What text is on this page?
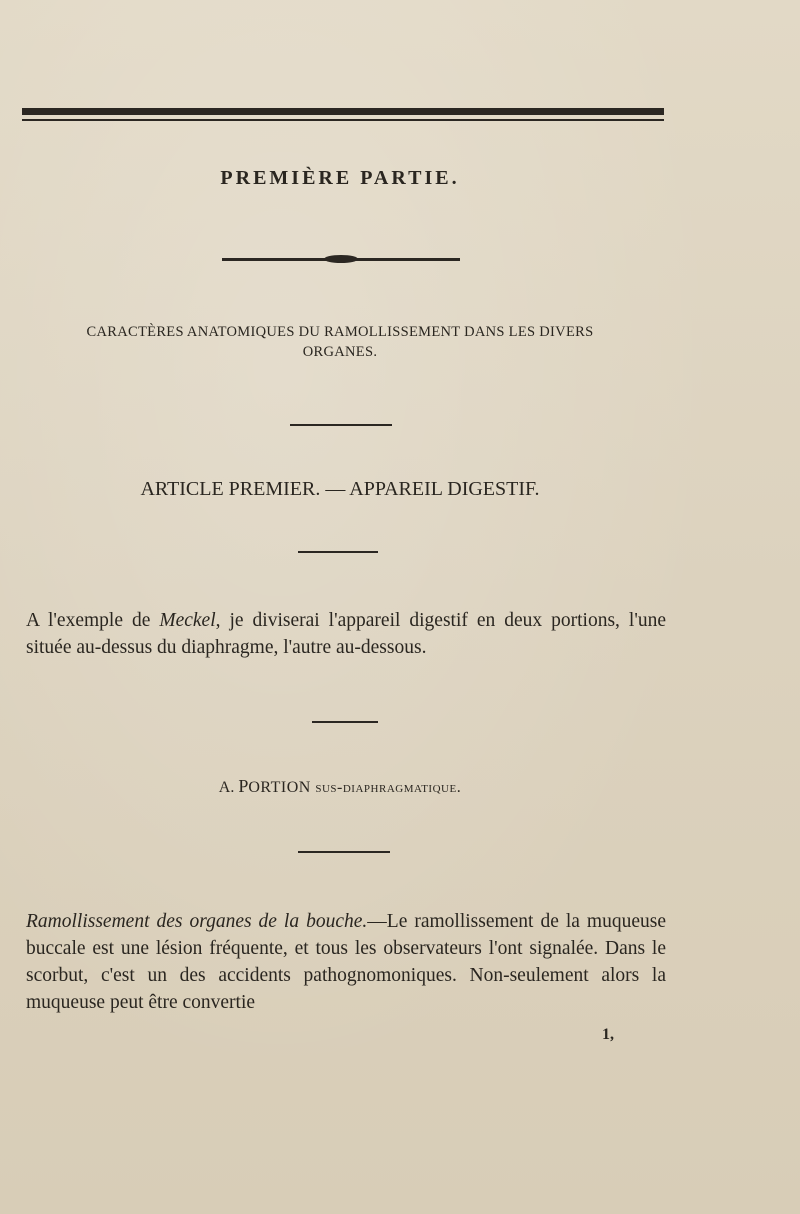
PREMIÈRE PARTIE.
CARACTÈRES ANATOMIQUES DU RAMOLLISSEMENT DANS LES DIVERS
ORGANES.
ARTICLE PREMIER. — APPAREIL DIGESTIF.
A l'exemple de Meckel, je diviserai l'appareil digestif en deux portions, l'une située au-dessus du diaphragme, l'autre au-dessous.
A. PORTION sus-diaphragmatique.
Ramollissement des organes de la bouche.—Le ramollissement de la muqueuse buccale est une lésion fréquente, et tous les observateurs l'ont signalée. Dans le scorbut, c'est un des accidents pathognomoniques. Non-seulement alors la muqueuse peut être convertie
1,
